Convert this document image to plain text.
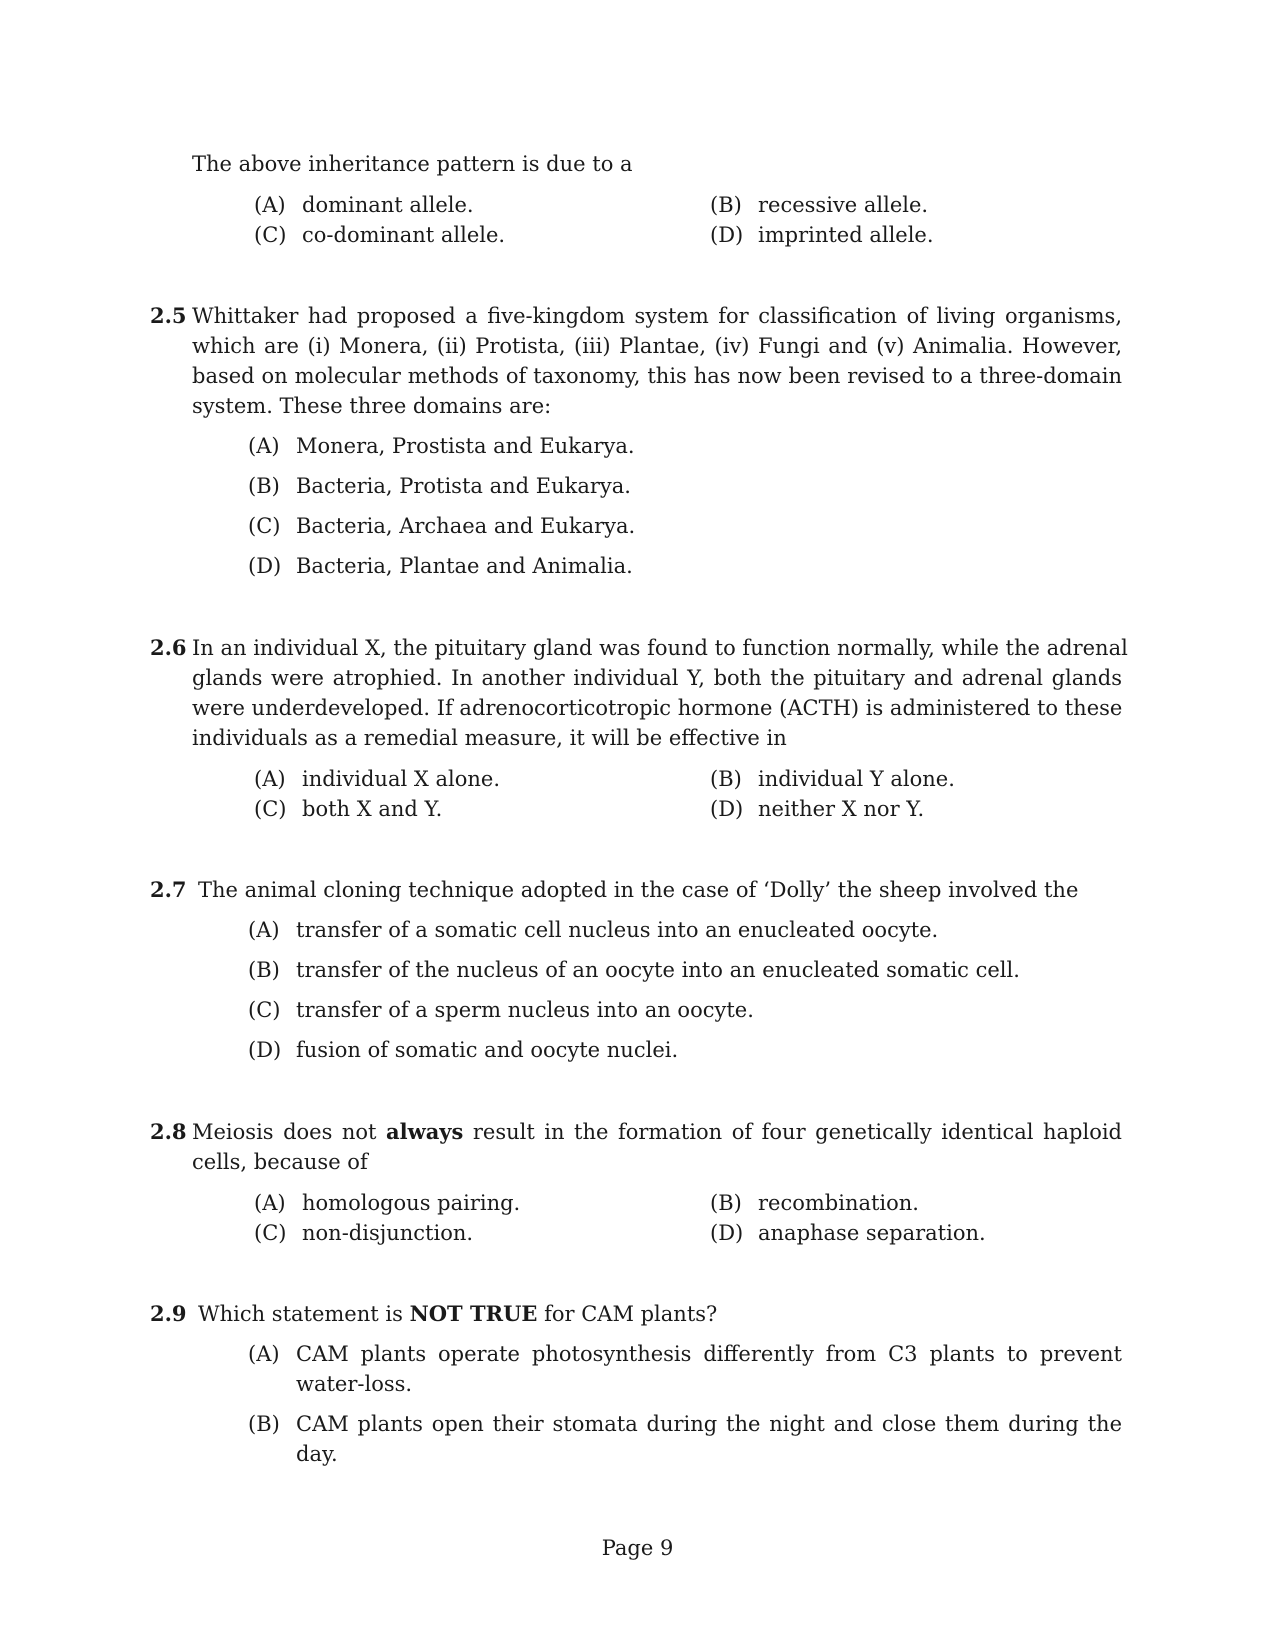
The above inheritance pattern is due to a
(A) dominant allele.	(B) recessive allele.
(C) co-dominant allele.	(D) imprinted allele.
2.5 Whittaker had proposed a five-kingdom system for classification of living organisms,
which are (i) Monera, (ii) Protista, (iii) Plantae, (iv) Fungi and (v) Animalia. However,
based on molecular methods of taxonomy, this has now been revised to a three-domain
system. These three domains are:
(A) Monera, Prostista and Eukarya.
(B) Bacteria, Protista and Eukarya.
(C) Bacteria, Archaea and Eukarya.
(D) Bacteria, Plantae and Animalia.
2.6 In an individual X, the pituitary gland was found to function normally, while the adrenal
glands were atrophied. In another individual Y, both the pituitary and adrenal glands
were underdeveloped. If adrenocorticotropic hormone (ACTH) is administered to these
individuals as a remedial measure, it will be effective in
(A) individual X alone.	(B) individual Y alone.
(C) both X and Y.	(D) neither X nor Y.
2.7 The animal cloning technique adopted in the case of ‘Dolly’ the sheep involved the
(A) transfer of a somatic cell nucleus into an enucleated oocyte.
(B) transfer of the nucleus of an oocyte into an enucleated somatic cell.
(C) transfer of a sperm nucleus into an oocyte.
(D) fusion of somatic and oocyte nuclei.
2.8 Meiosis does not always result in the formation of four genetically identical haploid
cells, because of
(A) homologous pairing.	(B) recombination.
(C) non-disjunction.	(D) anaphase separation.
2.9 Which statement is NOT TRUE for CAM plants?
(A) CAM plants operate photosynthesis differently from C3 plants to prevent
water-loss.
(B) CAM plants open their stomata during the night and close them during the
day.
Page 9
